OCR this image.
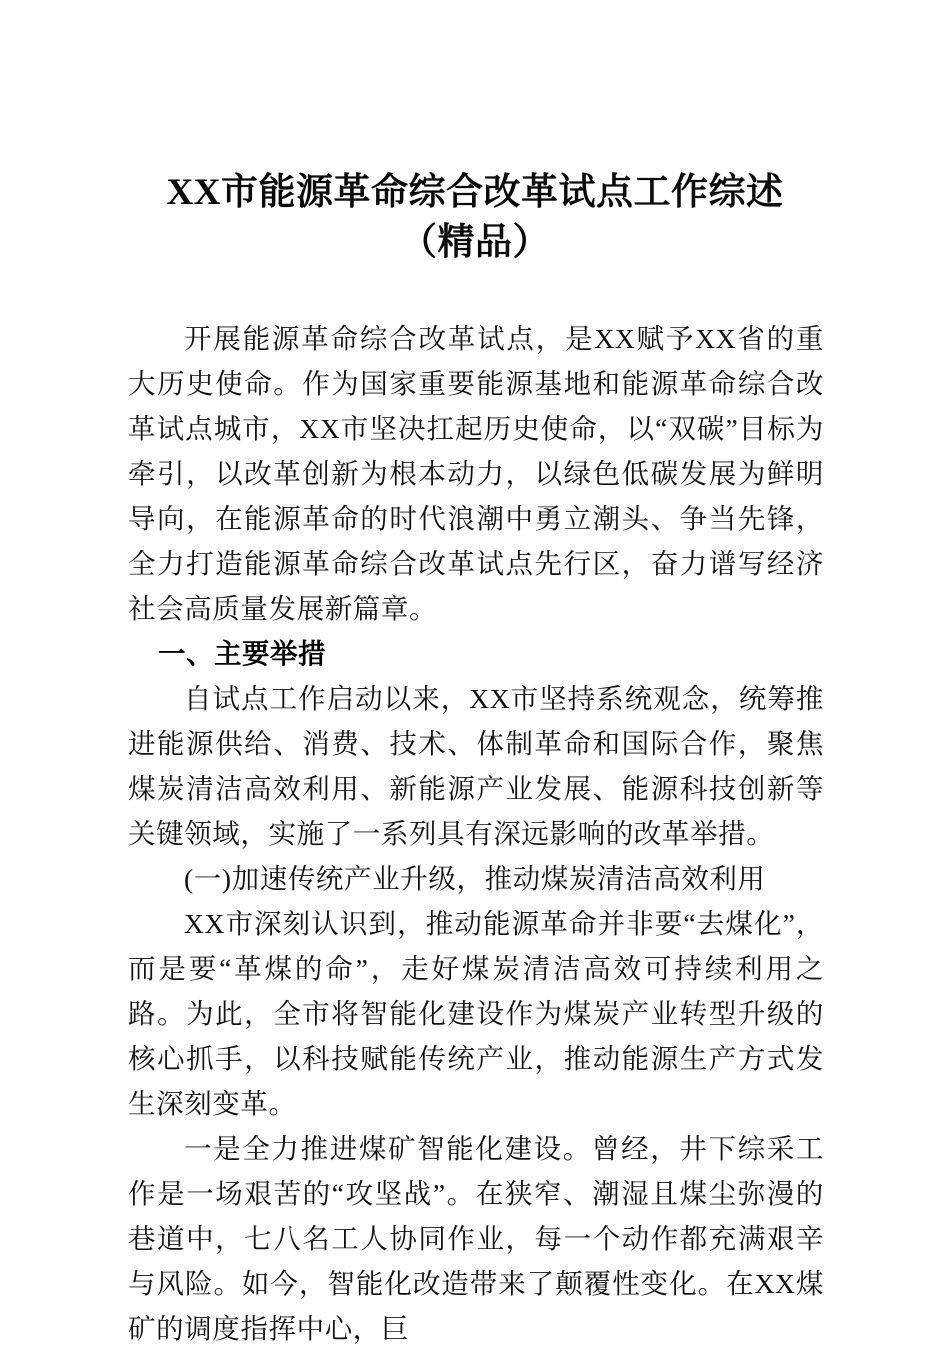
XX市能源革命综合改革试点工作综述
（精品）

开展能源革命综合改革试点，是XX赋予XX省的重大历史使命。作为国家重要能源基地和能源革命综合改革试点城市，XX市坚决扛起历史使命，以“双碳”目标为牵引，以改革创新为根本动力，以绿色低碳发展为鲜明导向，在能源革命的时代浪潮中勇立潮头、争当先锋，全力打造能源革命综合改革试点先行区，奋力谱写经济社会高质量发展新篇章。

一、主要举措

自试点工作启动以来，XX市坚持系统观念，统筹推进能源供给、消费、技术、体制革命和国际合作，聚焦煤炭清洁高效利用、新能源产业发展、能源科技创新等关键领域，实施了一系列具有深远影响的改革举措。

(一)加速传统产业升级，推动煤炭清洁高效利用

XX市深刻认识到，推动能源革命并非要“去煤化”，而是要“革煤的命”，走好煤炭清洁高效可持续利用之路。为此，全市将智能化建设作为煤炭产业转型升级的核心抓手，以科技赋能传统产业，推动能源生产方式发生深刻变革。

一是全力推进煤矿智能化建设。曾经，井下综采工作是一场艰苦的“攻坚战”。在狭窄、潮湿且煤尘弥漫的巷道中，七八名工人协同作业，每一个动作都充满艰辛与风险。如今，智能化改造带来了颠覆性变化。在XX煤矿的调度指挥中心，巨
